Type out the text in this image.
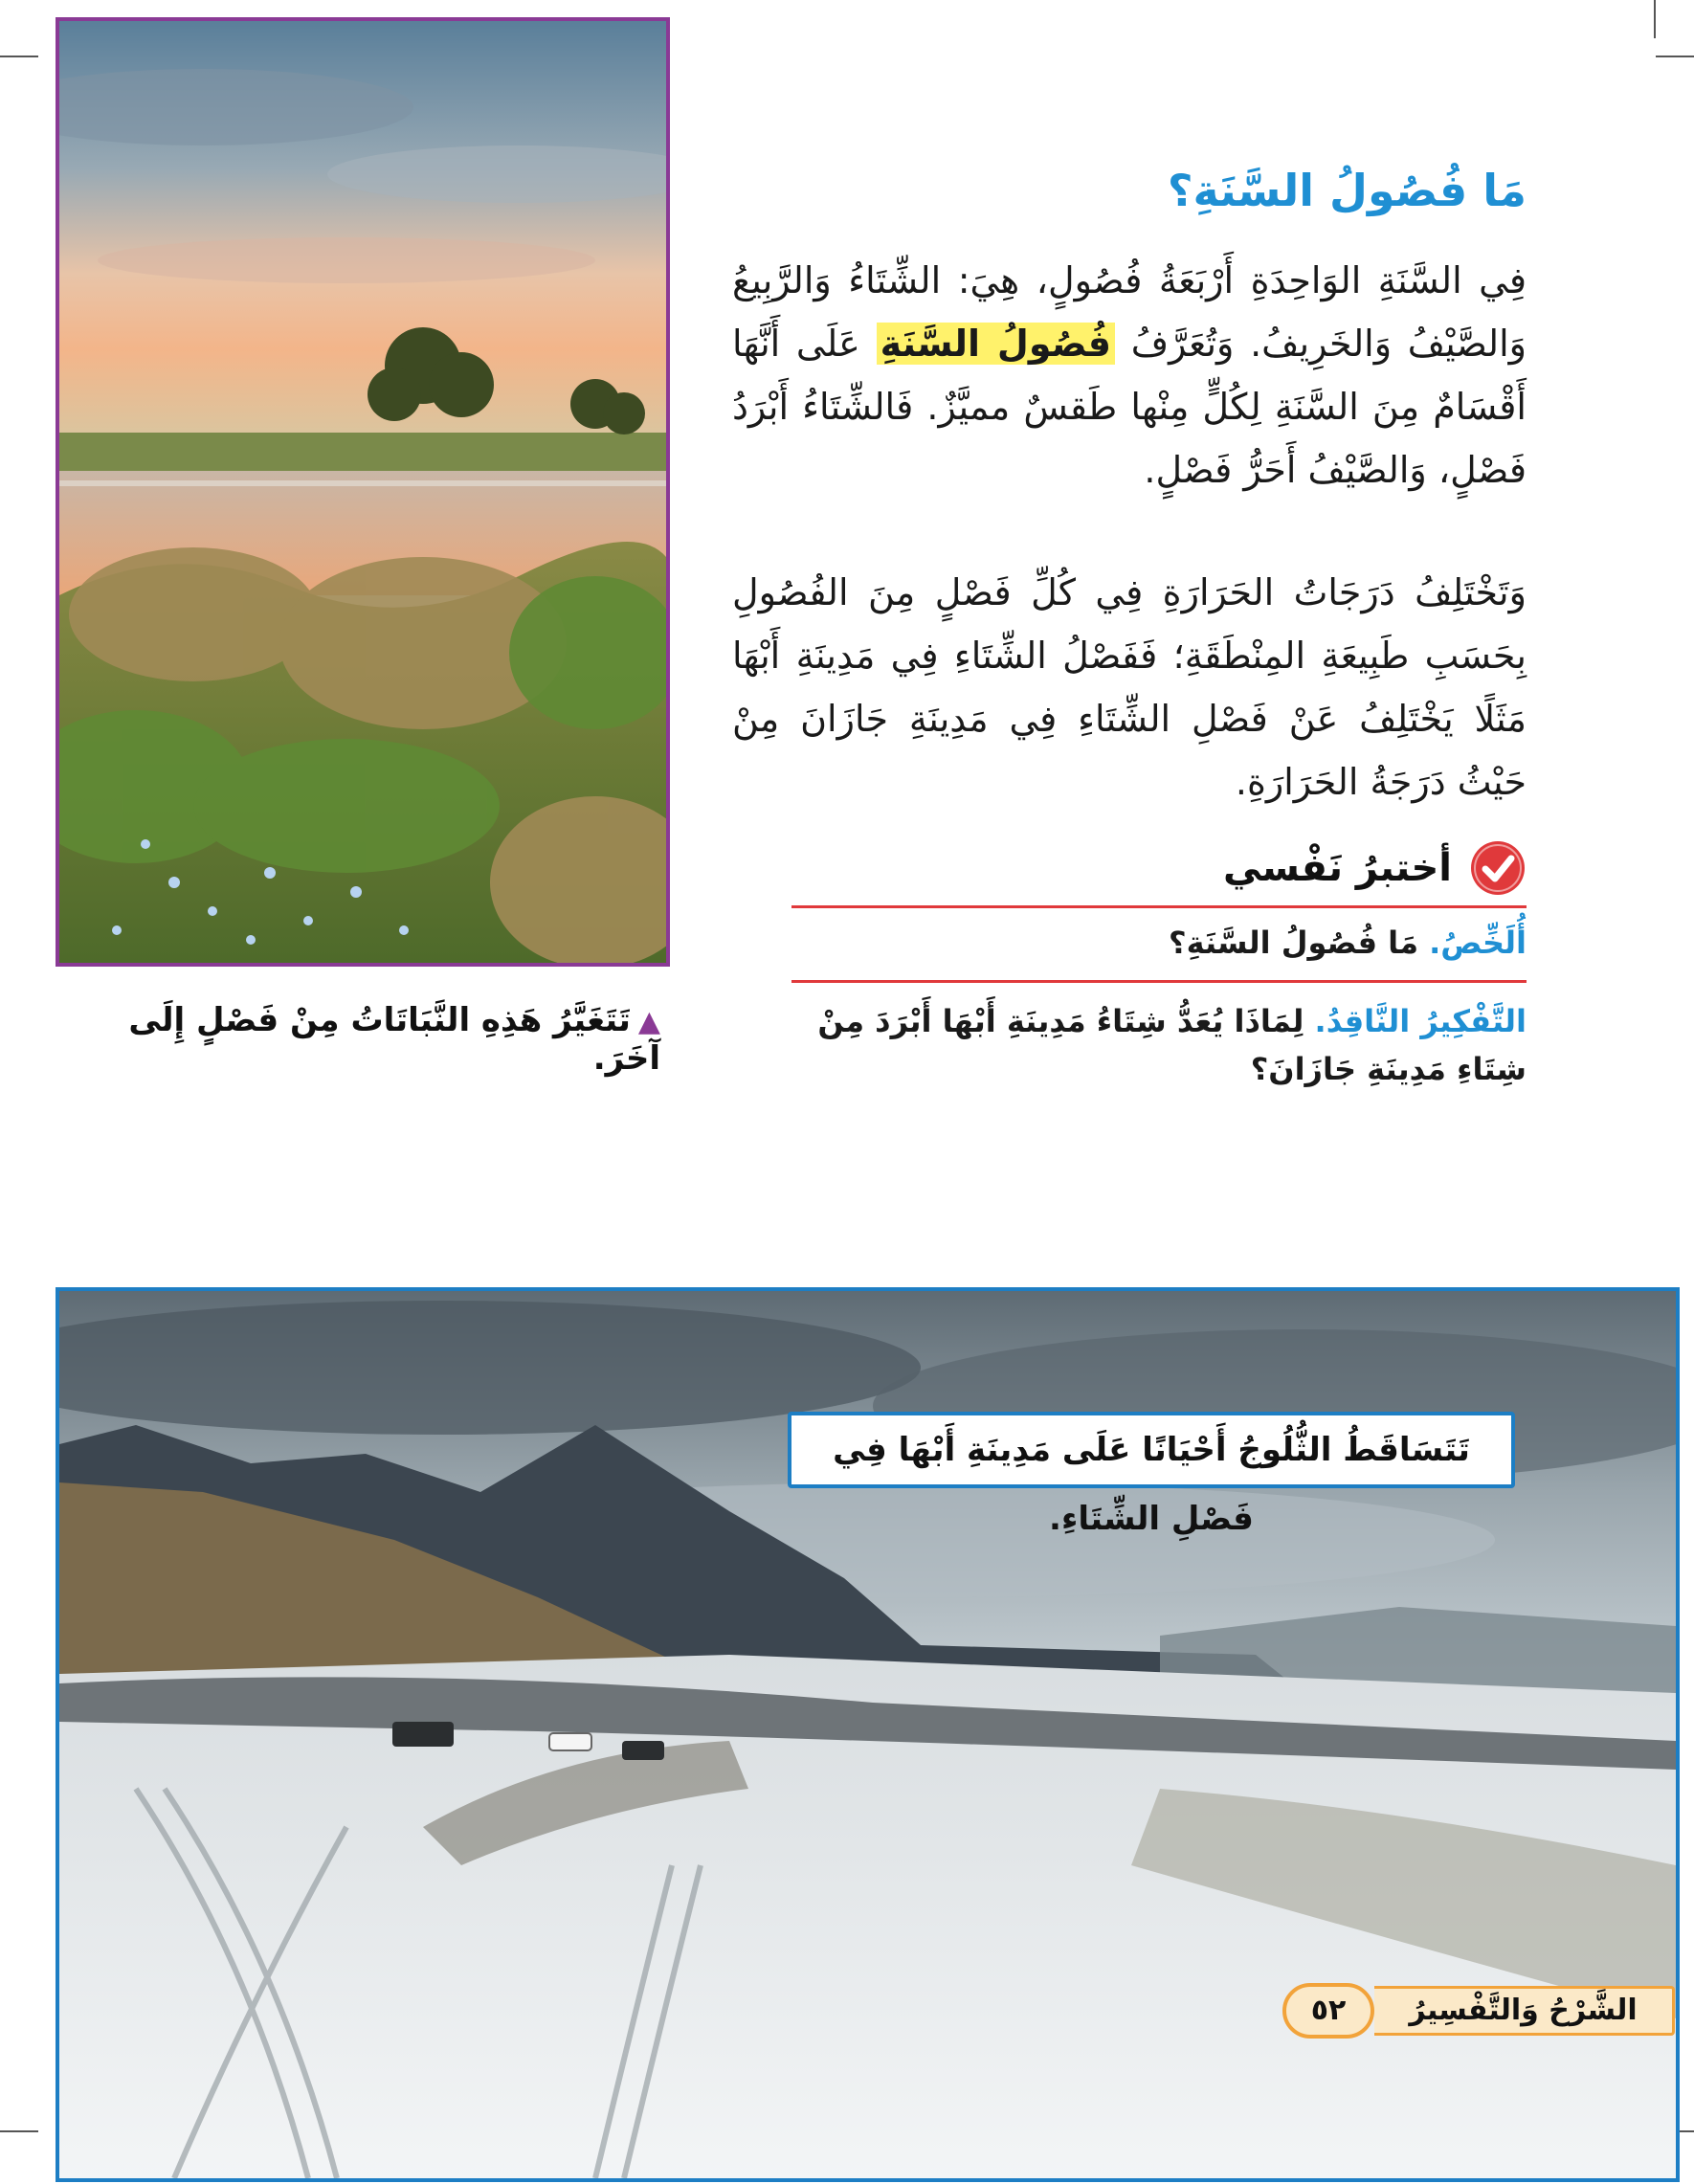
▲تَتَغَيَّرُ هَذِهِ النَّبَاتَاتُ مِنْ فَصْلٍ إِلَى آخَرَ.
مَا فُصُولُ السَّنَةِ؟

فِي السَّنَةِ الوَاحِدَةِ أَرْبَعَةُ فُصُولٍ، هِيَ: الشِّتَاءُ وَالرَّبِيعُ وَالصَّيْفُ وَالخَرِيفُ. وَتُعَرَّفُ فُصُولُ السَّنَةِ عَلَى أَنَّهَا أَقْسَامٌ مِنَ السَّنَةِ لِكُلٍّ مِنْها طَقسٌ مميَّزٌ. فَالشِّتَاءُ أَبْرَدُ فَصْلٍ، وَالصَّيْفُ أَحَرُّ فَصْلٍ.

وَتَخْتَلِفُ دَرَجَاتُ الحَرَارَةِ فِي كُلِّ فَصْلٍ مِنَ الفُصُولِ بِحَسَبِ طَبِيعَةِ المِنْطَقَةِ؛ فَفَصْلُ الشِّتَاءِ فِي مَدِينَةِ أَبْهَا مَثَلًا يَخْتَلِفُ عَنْ فَصْلِ الشِّتَاءِ فِي مَدِينَةِ جَازَانَ مِنْ حَيْثُ دَرَجَةُ الحَرَارَةِ.

أختبرُ نَفْسي
أُلَخِّصُ. مَا فُصُولُ السَّنَةِ؟
التَّفْكِيرُ النَّاقِدُ. لِمَاذَا يُعَدُّ شِتَاءُ مَدِينَةِ أَبْهَا أَبْرَدَ مِنْ شِتَاءِ مَدِينَةِ جَازَانَ؟
تَتَسَاقَطُ الثُّلُوجُ أَحْيَانًا عَلَى مَدِينَةِ أَبْهَا فِي فَصْلِ الشِّتَاءِ.
الشَّرْحُ وَالتَّفْسِيرُ
٥٢
